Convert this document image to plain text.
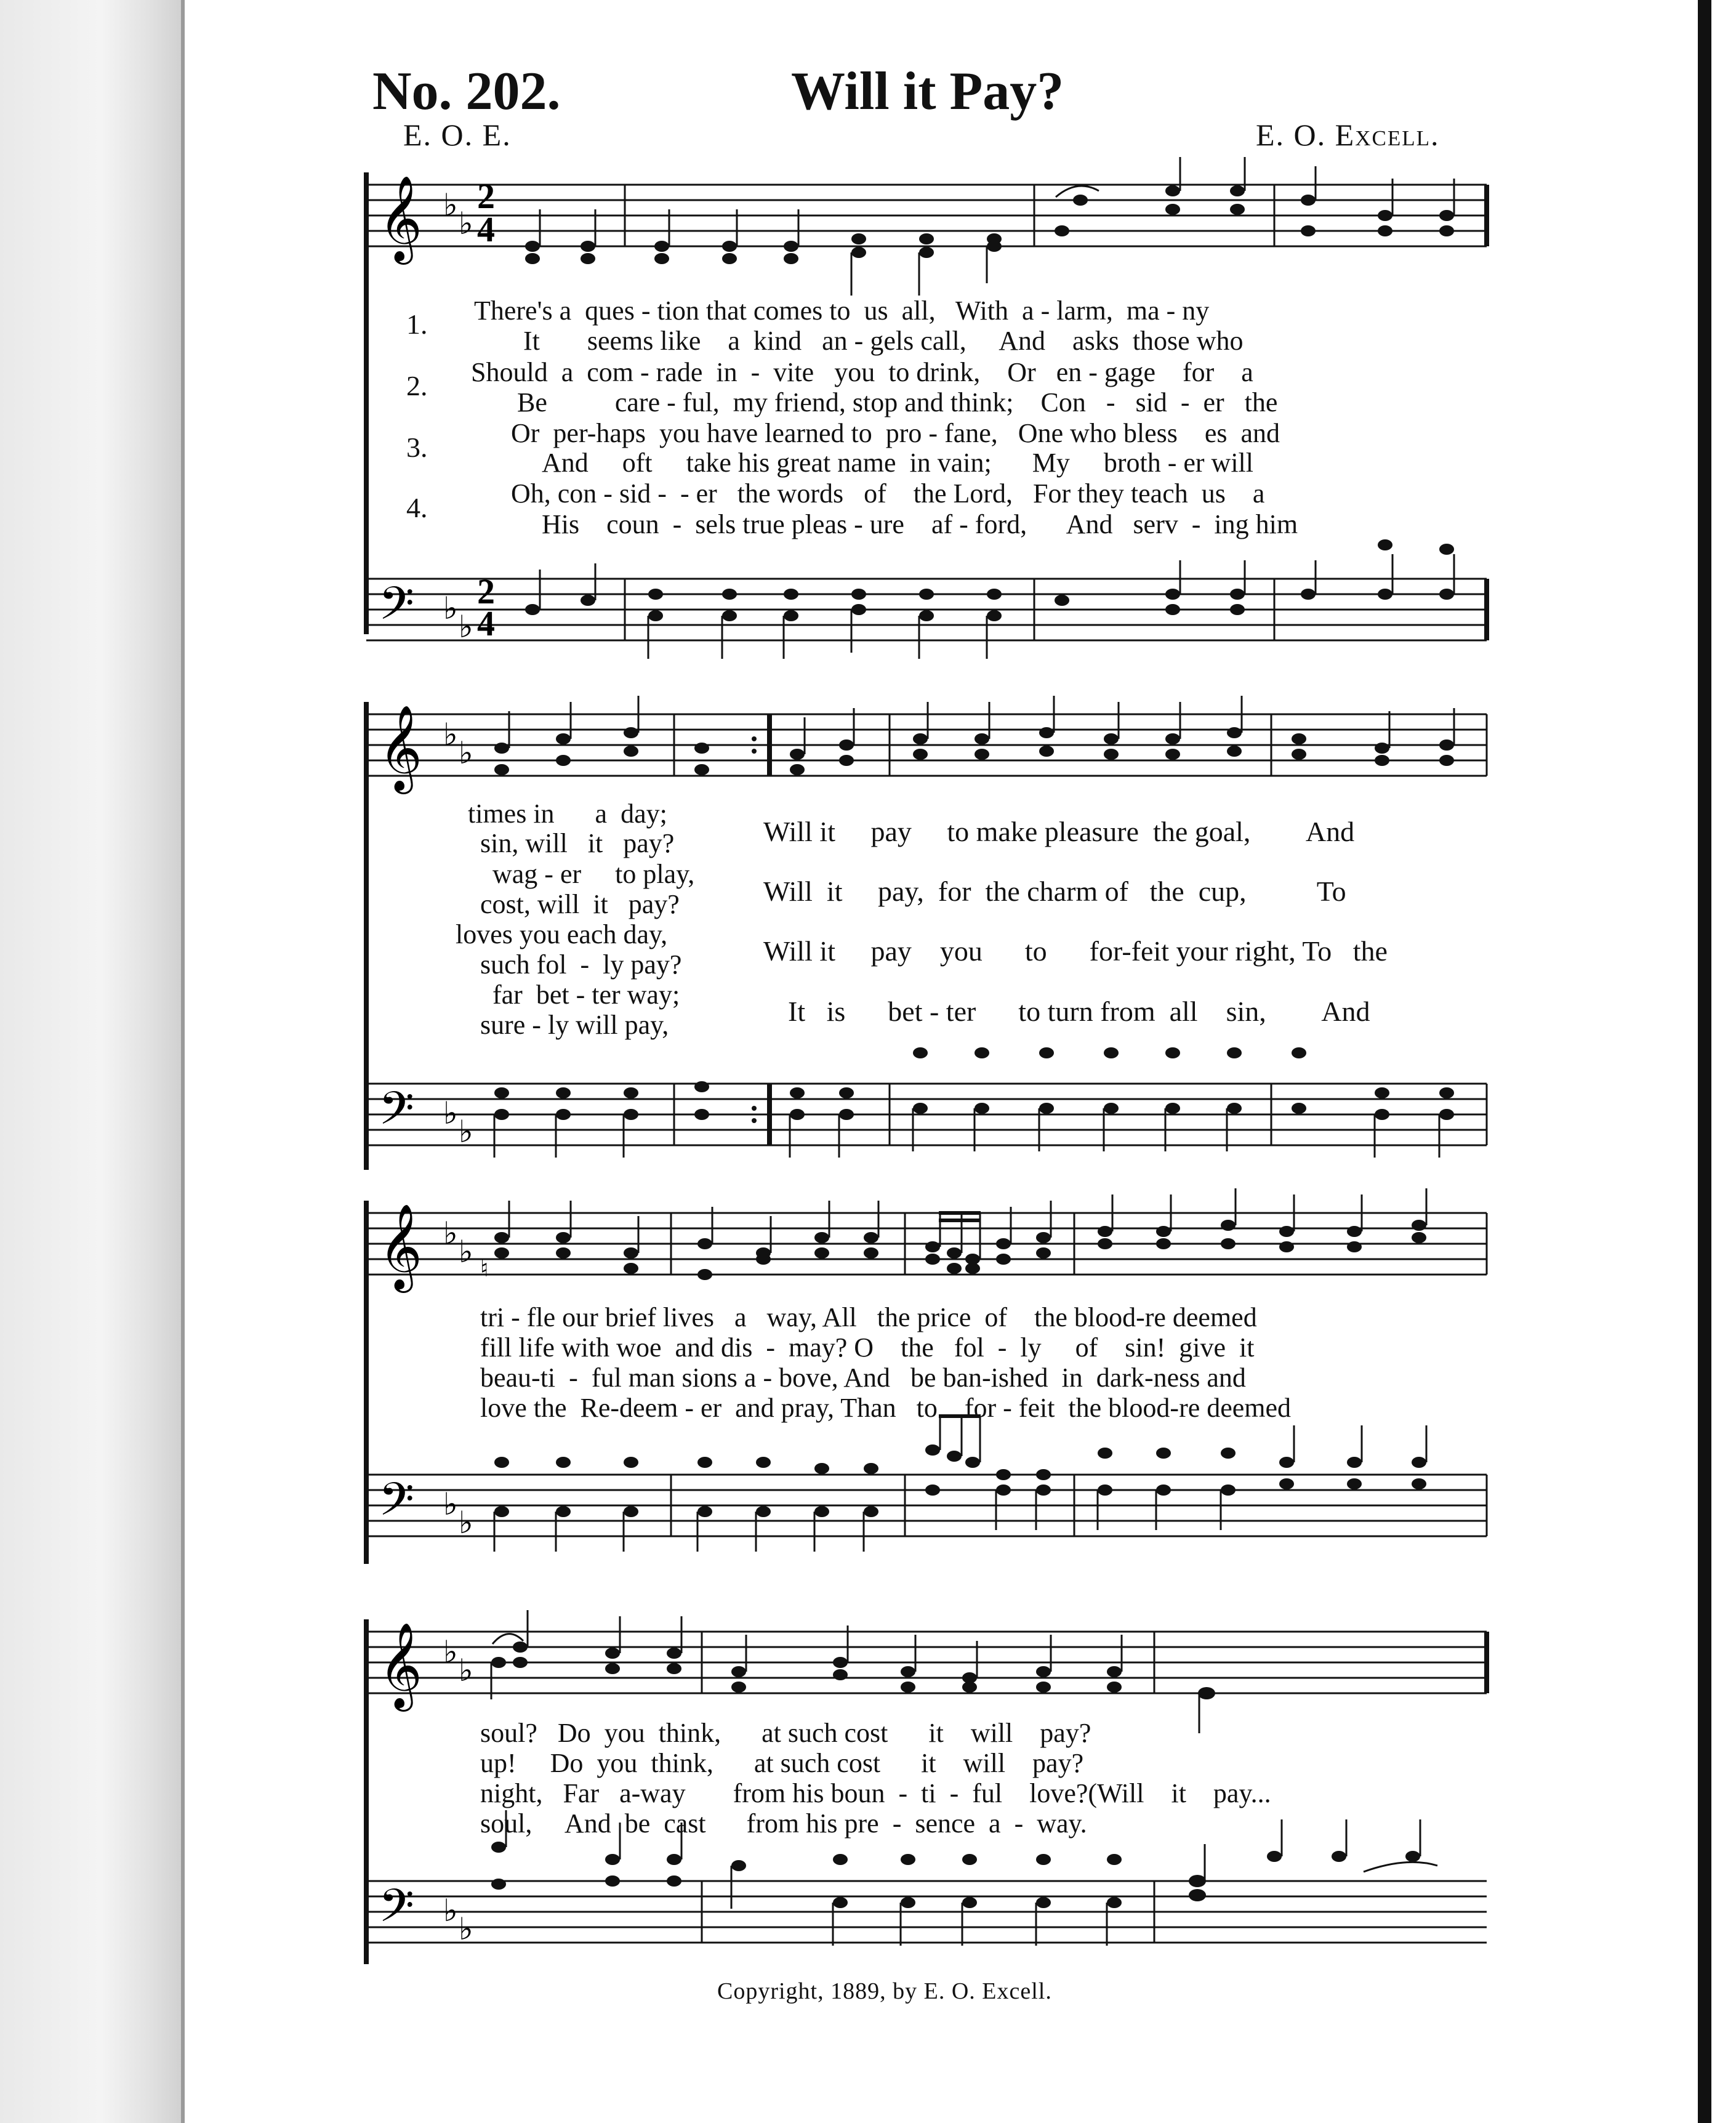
No. 202.	Will it Pay?
E. O. E.	E. O. Excell.
𝄞 ♭
♭
2
4
𝄢 ♭
♭
2
4
1.
2.
3.
4.
There's a  ques - tion that comes to  us  all,   With  a - larm,  ma - ny
It       seems like    a  kind   an - gels call,     And    asks  those who
Should  a  com - rade  in  -  vite   you  to drink,    Or   en - gage    for    a
Be          care - ful,  my friend, stop and think;    Con   -   sid  -  er   the
Or  per-haps  you have learned to  pro - fane,   One who bless    es  and
And     oft     take his great name  in vain;      My     broth - er will
Oh, con - sid -  - er   the words   of    the Lord,   For they teach  us    a
His    coun  -  sels true pleas - ure    af - ford,      And   serv  -  ing him
𝄞 ♭
♭
𝄢 ♭
♭
times in      a  day;
sin, will   it   pay?
wag - er     to play,
cost, will  it   pay?
loves you each day,
such fol  -  ly pay?
far  bet - ter way;
sure - ly will pay,
Will it     pay     to make pleasure  the goal,        And
Will  it     pay,  for  the charm of   the  cup,          To
Will it     pay    you      to      for-feit your right, To   the
It   is      bet - ter      to turn from  all    sin,        And
𝄞 ♭
♭
𝄢 ♭
♭
♮
tri - fle our brief lives   a   way, All   the price  of    the blood-re deemed
fill life with woe  and dis  -  may? O    the   fol  -  ly     of    sin!  give  it
beau-ti  -  ful man sions a - bove, And   be ban-ished  in  dark-ness and
love the  Re-deem - er  and pray, Than   to    for - feit  the blood-re deemed
𝄞 ♭
♭
𝄢 ♭
♭
soul?   Do  you  think,      at such cost      it    will    pay?
up!     Do  you  think,      at such cost      it    will    pay?
night,   Far   a-way       from his boun  -  ti  -  ful    love?(Will    it    pay...
soul,     And  be  cast      from his pre  -  sence  a  -  way.
Copyright, 1889, by E. O. Excell.
